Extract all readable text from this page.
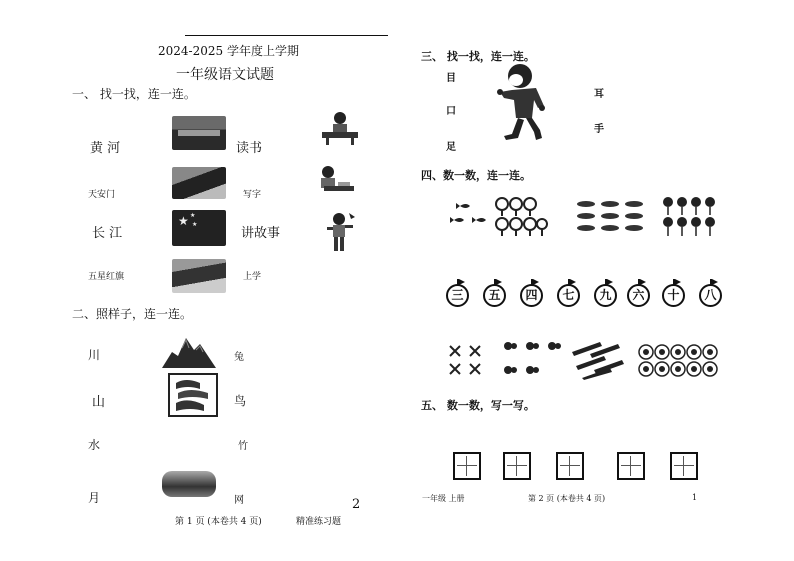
2024-2025 学年度上学期
一年级语文试题
一、 找一找，连一连。
黄 河
天安门
长 江
五星红旗
★ ★
★
读书
写字
讲故事
上学
二、照样子，连一连。
川
山
水
月
兔
鸟
竹
网	2
第 1 页 (本卷共 4 页)	精准练习题
三、 找一找，连一连。
目
口
足
耳
手
四、数一数，连一连。
三	五	四	七	九	六	十	八
五、 数一数，写一写。
一年级 上册	第 2 页 (本卷共 4 页)	1
